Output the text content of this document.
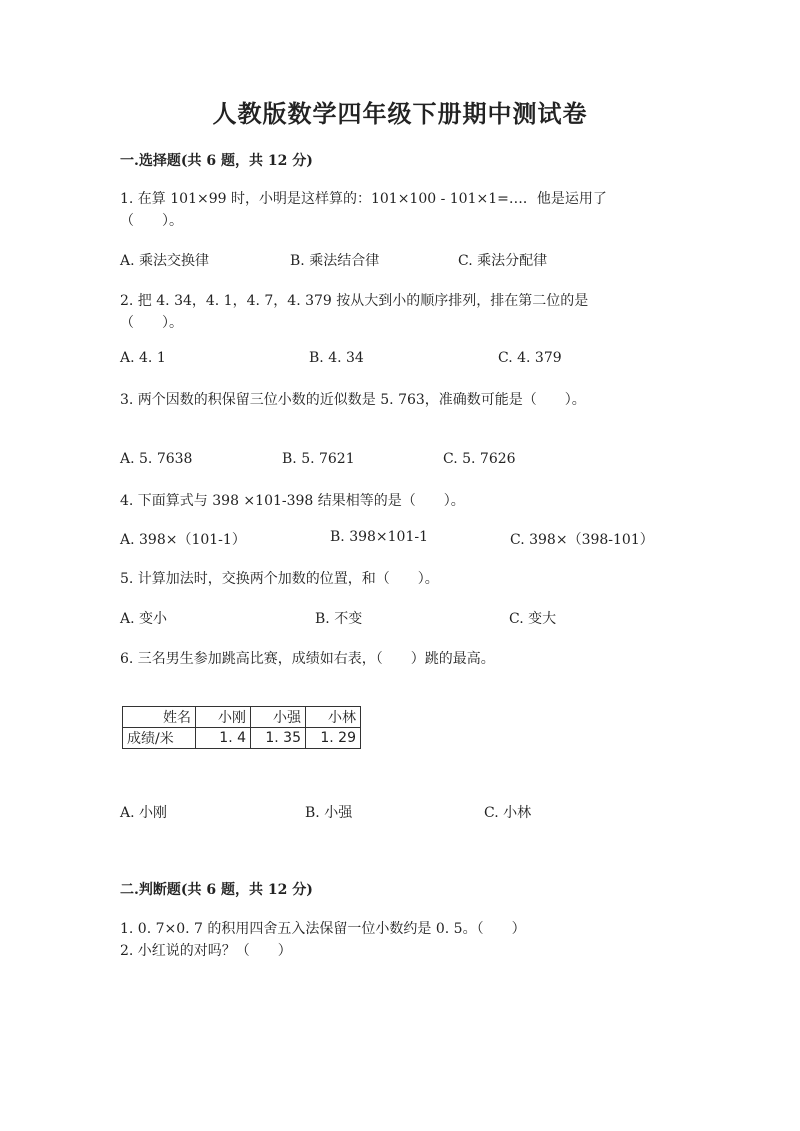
人教版数学四年级下册期中测试卷
一.选择题(共 6 题，共 12 分)
1. 在算 101×99 时，小明是这样算的：101×100 - 101×1=…．他是运用了
（　　）。
A. 乘法交换律	B. 乘法结合律	C. 乘法分配律
2. 把 4. 34，4. 1，4. 7，4. 379 按从大到小的顺序排列，排在第二位的是
（　　）。
A. 4. 1	B. 4. 34	C. 4. 379
3. 两个因数的积保留三位小数的近似数是 5. 763，准确数可能是（　　）。
A. 5. 7638	B. 5. 7621	C. 5. 7626
4. 下面算式与 398 ×101-398 结果相等的是（　　）。
A. 398×（101-1）	B. 398×101-1	C. 398×（398-101）
5. 计算加法时，交换两个加数的位置，和（　　）。
A. 变小	B. 不变	C. 变大
6. 三名男生参加跳高比赛，成绩如右表，（　　）跳的最高。
姓名	小刚	小强	小林
成绩/米	1. 4	1. 35	1. 29
A. 小刚	B. 小强	C. 小林
二.判断题(共 6 题，共 12 分)
1. 0. 7×0. 7 的积用四舍五入法保留一位小数约是 0. 5。（　　）
2. 小红说的对吗？（　　）
